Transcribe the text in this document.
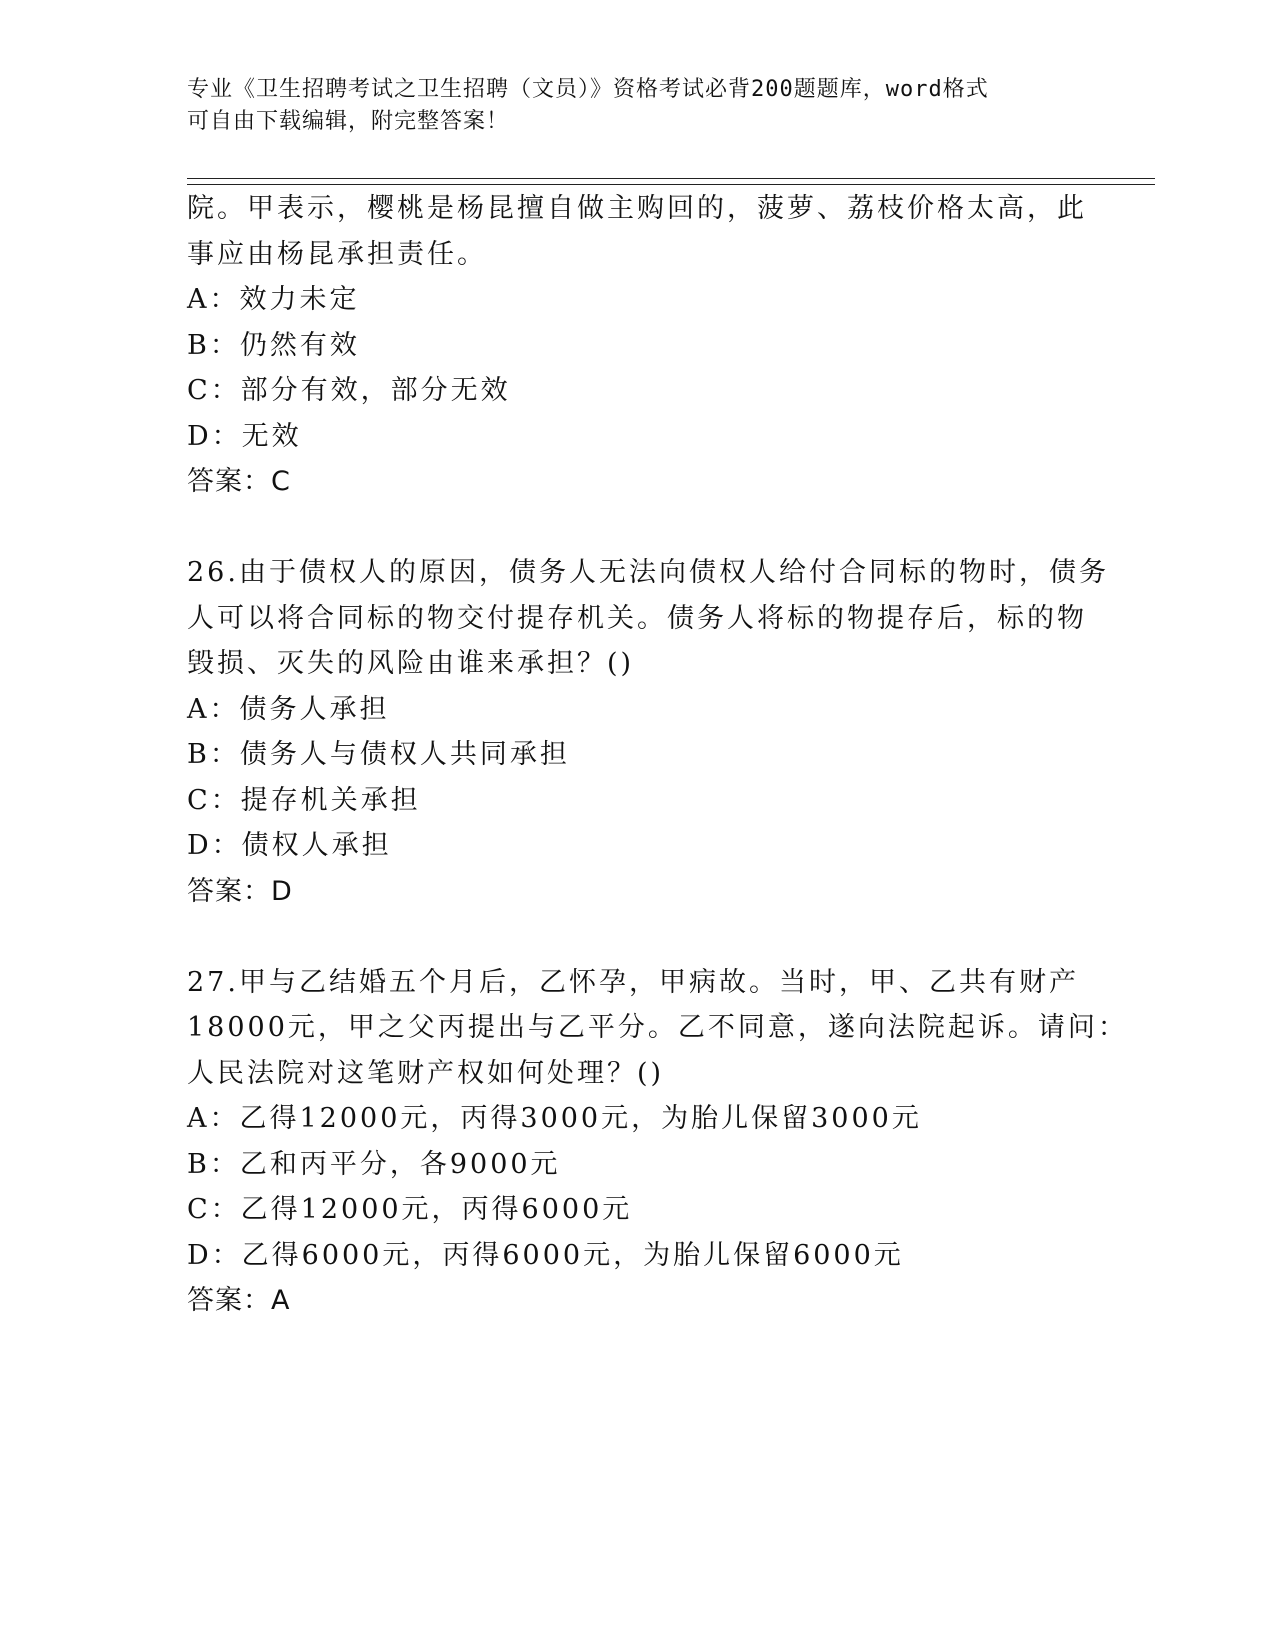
专业《卫生招聘考试之卫生招聘（文员）》资格考试必背200题题库，word格式
可自由下载编辑，附完整答案！
院。甲表示，樱桃是杨昆擅自做主购回的，菠萝、荔枝价格太高，此
事应由杨昆承担责任。
A：效力未定
B：仍然有效
C：部分有效，部分无效
D：无效
答案：C
26.由于债权人的原因，债务人无法向债权人给付合同标的物时，债务
人可以将合同标的物交付提存机关。债务人将标的物提存后，标的物
毁损、灭失的风险由谁来承担？()
A：债务人承担
B：债务人与债权人共同承担
C：提存机关承担
D：债权人承担
答案：D
27.甲与乙结婚五个月后，乙怀孕，甲病故。当时，甲、乙共有财产
18000元，甲之父丙提出与乙平分。乙不同意，遂向法院起诉。请问：
人民法院对这笔财产权如何处理？()
A：乙得12000元，丙得3000元，为胎儿保留3000元
B：乙和丙平分，各9000元
C：乙得12000元，丙得6000元
D：乙得6000元，丙得6000元，为胎儿保留6000元
答案：A
